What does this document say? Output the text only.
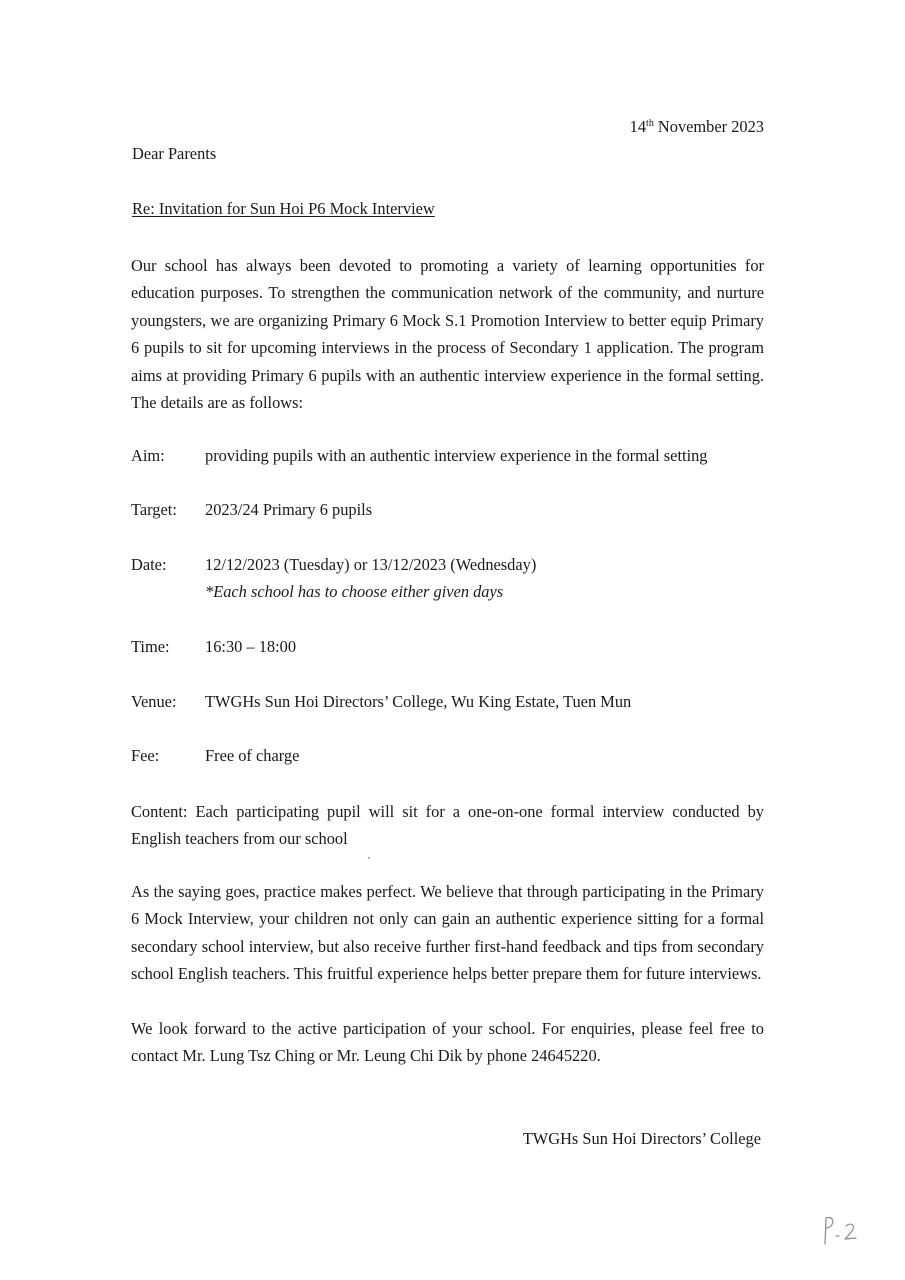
14th November 2023
Dear Parents
Re: Invitation for Sun Hoi P6 Mock Interview
Our school has always been devoted to promoting a variety of learning opportunities for education purposes. To strengthen the communication network of the community, and nurture youngsters, we are organizing Primary 6 Mock S.1 Promotion Interview to better equip Primary 6 pupils to sit for upcoming interviews in the process of Secondary 1 application. The program aims at providing Primary 6 pupils with an authentic interview experience in the formal setting. The details are as follows:
Aim: providing pupils with an authentic interview experience in the formal setting
Target: 2023/24 Primary 6 pupils
Date: 12/12/2023 (Tuesday) or 13/12/2023 (Wednesday)
*Each school has to choose either given days
Time: 16:30 – 18:00
Venue: TWGHs Sun Hoi Directors’ College, Wu King Estate, Tuen Mun
Fee:	Free of charge
Content: Each participating pupil will sit for a one-on-one formal interview conducted by English teachers from our school
As the saying goes, practice makes perfect. We believe that through participating in the Primary 6 Mock Interview, your children not only can gain an authentic experience sitting for a formal secondary school interview, but also receive further first-hand feedback and tips from secondary school English teachers. This fruitful experience helps better prepare them for future interviews.
We look forward to the active participation of your school. For enquiries, please feel free to contact Mr. Lung Tsz Ching or Mr. Leung Chi Dik by phone 24645220.
TWGHs Sun Hoi Directors’ College
